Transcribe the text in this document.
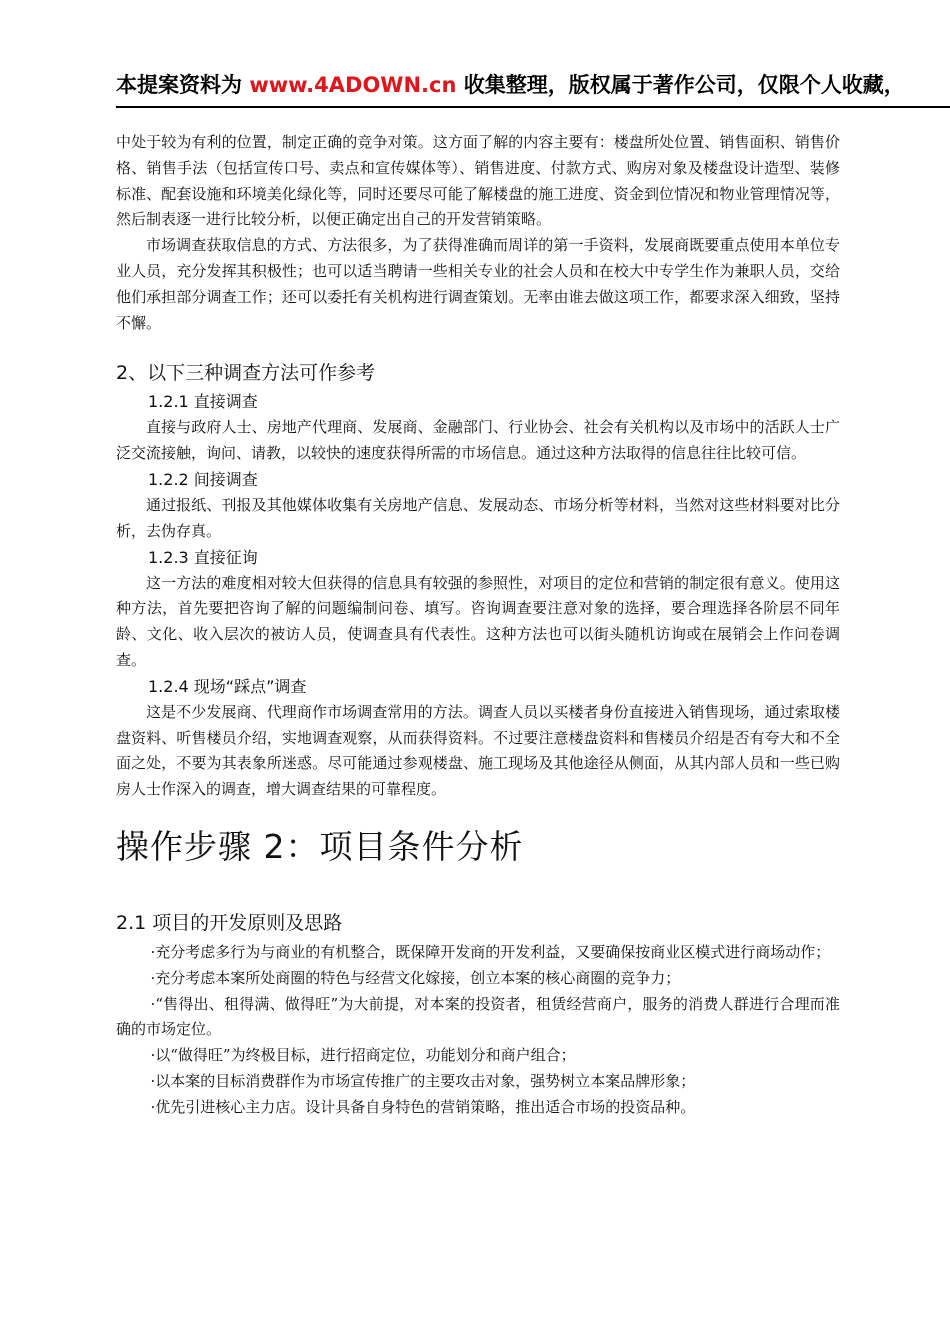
本提案资料为 www.4ADOWN.cn 收集整理，版权属于著作公司，仅限个人收藏，

中处于较为有利的位置，制定正确的竞争对策。这方面了解的内容主要有：楼盘所处位置、销售面积、销售价格、销售手法（包括宣传口号、卖点和宣传媒体等）、销售进度、付款方式、购房对象及楼盘设计造型、装修标准、配套设施和环境美化绿化等，同时还要尽可能了解楼盘的施工进度、资金到位情况和物业管理情况等，然后制表逐一进行比较分析，以便正确定出自己的开发营销策略。

市场调查获取信息的方式、方法很多，为了获得准确而周详的第一手资料，发展商既要重点使用本单位专业人员，充分发挥其积极性；也可以适当聘请一些相关专业的社会人员和在校大中专学生作为兼职人员，交给他们承担部分调查工作；还可以委托有关机构进行调查策划。无率由谁去做这项工作，都要求深入细致，坚持不懈。

2、以下三种调查方法可作参考
1.2.1 直接调查

直接与政府人士、房地产代理商、发展商、金融部门、行业协会、社会有关机构以及市场中的活跃人士广泛交流接触，询问、请教，以较快的速度获得所需的市场信息。通过这种方法取得的信息往往比较可信。

1.2.2 间接调查

通过报纸、刊报及其他媒体收集有关房地产信息、发展动态、市场分析等材料，当然对这些材料要对比分析，去伪存真。

1.2.3 直接征询

这一方法的难度相对较大但获得的信息具有较强的参照性，对项目的定位和营销的制定很有意义。使用这种方法，首先要把咨询了解的问题编制问卷、填写。咨询调查要注意对象的选择，要合理选择各阶层不同年龄、文化、收入层次的被访人员，使调查具有代表性。这种方法也可以街头随机访询或在展销会上作问卷调查。

1.2.4 现场“踩点”调查

这是不少发展商、代理商作市场调查常用的方法。调查人员以买楼者身份直接进入销售现场，通过索取楼盘资料、听售楼员介绍，实地调查观察，从而获得资料。不过要注意楼盘资料和售楼员介绍是否有夸大和不全面之处，不要为其表象所迷惑。尽可能通过参观楼盘、施工现场及其他途径从侧面，从其内部人员和一些已购房人士作深入的调查，增大调查结果的可靠程度。

操作步骤 2：项目条件分析
2.1 项目的开发原则及思路

·充分考虑多行为与商业的有机整合，既保障开发商的开发利益，又要确保按商业区模式进行商场动作；

·充分考虑本案所处商圈的特色与经营文化嫁接，创立本案的核心商圈的竞争力；

·“售得出、租得满、做得旺”为大前提，对本案的投资者，租赁经营商户，服务的消费人群进行合理而准确的市场定位。

·以“做得旺”为终极目标，进行招商定位，功能划分和商户组合；

·以本案的目标消费群作为市场宣传推广的主要攻击对象，强势树立本案品牌形象；

·优先引进核心主力店。设计具备自身特色的营销策略，推出适合市场的投资品种。
